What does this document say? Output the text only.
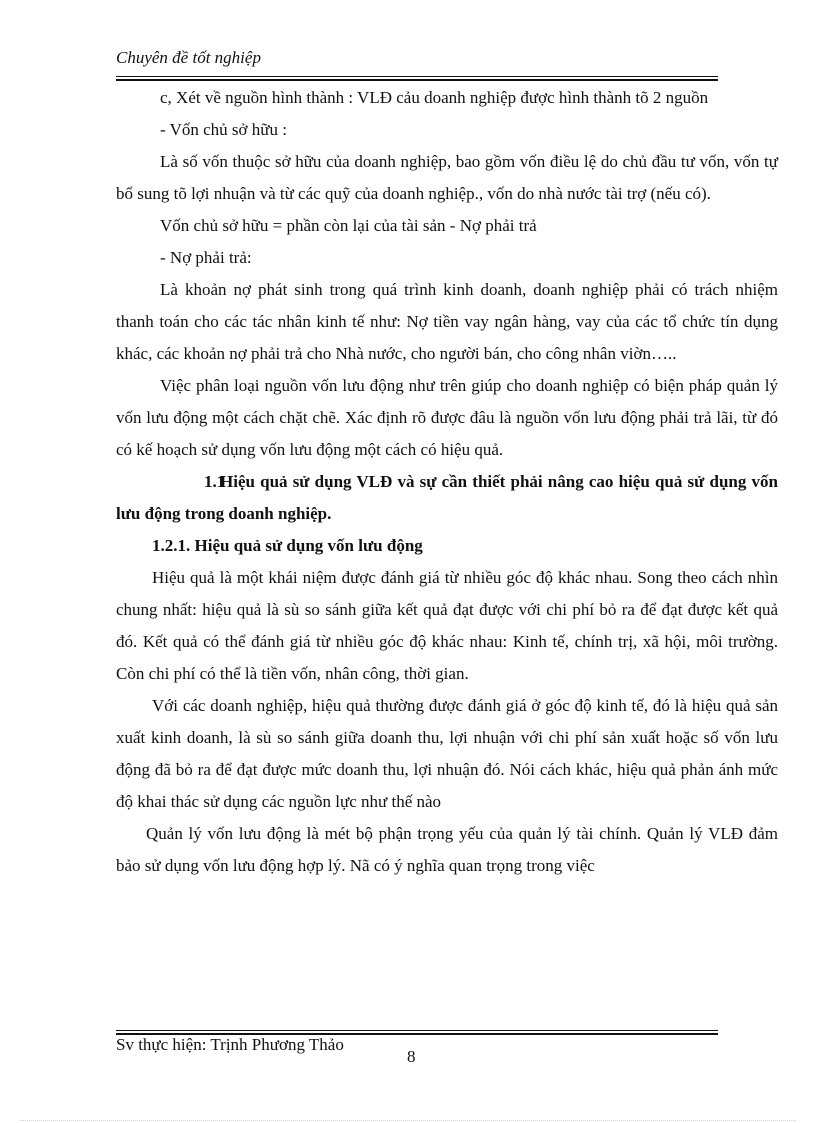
Chuyên đề tốt nghiệp

c, Xét về nguồn hình thành : VLĐ cảu doanh nghiệp được hình thành tõ 2 nguồn

- Vốn chủ sở hữu :

Là số vốn thuộc sở hữu của doanh nghiệp, bao gồm vốn điều lệ do chủ đầu tư vốn, vốn tự bổ sung tõ lợi nhuận và từ các quỹ của doanh nghiệp., vốn do nhà nước tài trợ (nếu có).

Vốn chủ sở hữu = phần còn lại của tài sản - Nợ phải trả

- Nợ phải trả:

Là khoản nợ phát sinh trong quá trình kinh doanh, doanh nghiệp phải có trách nhiệm thanh toán cho các tác nhân kinh tế như: Nợ tiền vay ngân hàng, vay của các tổ chức tín dụng khác, các khoản nợ phải trả cho Nhà nước, cho người bán, cho công nhân viờn…..

Việc phân loại nguồn vốn lưu động như trên giúp cho doanh nghiệp có biện pháp quản lý vốn lưu động một cách chặt chẽ. Xác định rõ được đâu là nguồn vốn lưu động phải trả lãi, từ đó có kế hoạch sử dụng vốn lưu động một cách có hiệu quả.

1.1Hiệu quả sử dụng VLĐ và sự cần thiết phải nâng cao hiệu quả sử dụng vốn lưu động trong doanh nghiệp.

1.2.1. Hiệu quả sử dụng vốn lưu động

Hiệu quả là một khái niệm được đánh giá từ nhiều góc độ khác nhau. Song theo cách nhìn chung nhất: hiệu quả là sù so sánh giữa kết quả đạt được với chi phí bỏ ra để đạt được kết quả đó. Kết quả có thể đánh giá từ nhiều góc độ khác nhau: Kinh tế, chính trị, xã hội, môi trường. Còn chi phí có thể là tiền vốn, nhân công, thời gian.

Với các doanh nghiệp, hiệu quả thường được đánh giá ở góc độ kinh tế, đó là hiệu quả sản xuất kinh doanh, là sù so sánh giữa doanh thu, lợi nhuận với chi phí sản xuất hoặc số vốn lưu động đã bỏ ra để đạt được mức doanh thu, lợi nhuận đó. Nói cách khác, hiệu quả phản ánh mức độ khai thác sử dụng các nguồn lực như thế nào

Quản lý vốn lưu động là mét bộ phận trọng yếu của quản lý tài chính. Quản lý VLĐ đảm bảo sử dụng vốn lưu động hợp lý. Nã có ý nghĩa quan trọng trong việc

Sv thực hiện: Trịnh Phương Thảo
8
